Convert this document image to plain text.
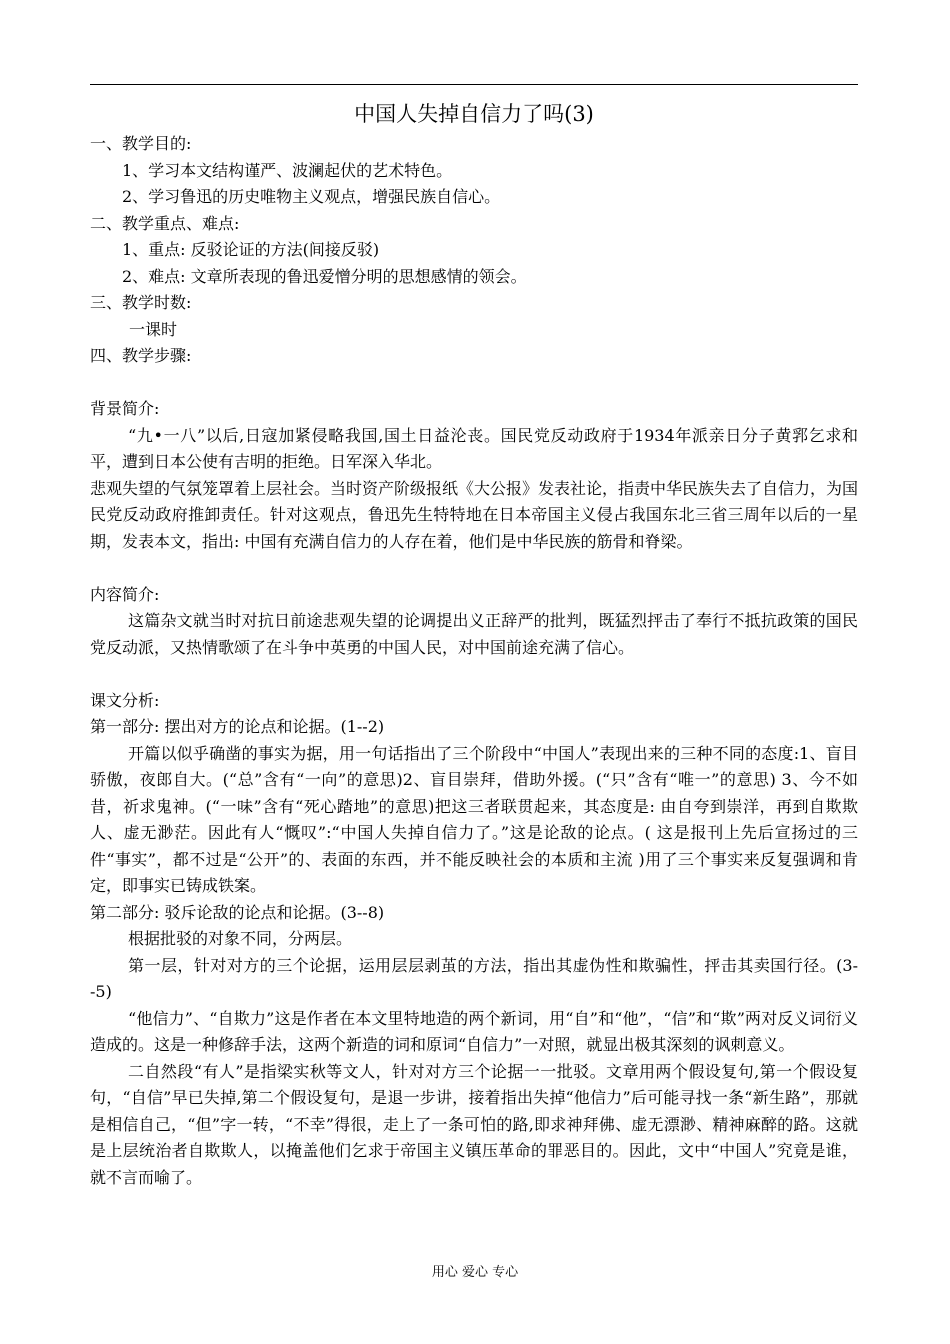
中国人失掉自信力了吗(3)

一、教学目的:

1、学习本文结构谨严、波澜起伏的艺术特色。

2、学习鲁迅的历史唯物主义观点，增强民族自信心。

二、教学重点、难点:

1、重点: 反驳论证的方法(间接反驳)

2、难点: 文章所表现的鲁迅爱憎分明的思想感情的领会。

三、教学时数:

一课时

四、教学步骤:

背景简介:

“九•一八”以后,日寇加紧侵略我国,国土日益沦丧。国民党反动政府于1934年派亲日分子黄郛乞求和平，遭到日本公使有吉明的拒绝。日军深入华北。

悲观失望的气氛笼罩着上层社会。当时资产阶级报纸《大公报》发表社论，指责中华民族失去了自信力，为国民党反动政府推卸责任。针对这观点，鲁迅先生特特地在日本帝国主义侵占我国东北三省三周年以后的一星期，发表本文，指出: 中国有充满自信力的人存在着，他们是中华民族的筋骨和脊梁。

内容简介:

这篇杂文就当时对抗日前途悲观失望的论调提出义正辞严的批判，既猛烈抨击了奉行不抵抗政策的国民党反动派，又热情歌颂了在斗争中英勇的中国人民，对中国前途充满了信心。

课文分析:

第一部分: 摆出对方的论点和论据。(1--2)

开篇以似乎确凿的事实为据，用一句话指出了三个阶段中“中国人”表现出来的三种不同的态度:1、盲目骄傲，夜郎自大。(“总”含有“一向”的意思)2、盲目崇拜，借助外援。(“只”含有“唯一”的意思) 3、今不如昔，祈求鬼神。(“一味”含有“死心踏地”的意思)把这三者联贯起来，其态度是: 由自夸到崇洋，再到自欺欺人、虚无渺茫。因此有人“慨叹”:“中国人失掉自信力了。”这是论敌的论点。( 这是报刊上先后宣扬过的三件“事实”，都不过是“公开”的、表面的东西，并不能反映社会的本质和主流 )用了三个事实来反复强调和肯定，即事实已铸成铁案。

第二部分: 驳斥论敌的论点和论据。(3--8)

根据批驳的对象不同，分两层。

第一层，针对对方的三个论据，运用层层剥茧的方法，指出其虚伪性和欺骗性，抨击其卖国行径。(3--5)

“他信力”、“自欺力”这是作者在本文里特地造的两个新词，用“自”和“他”，“信”和“欺”两对反义词衍义造成的。这是一种修辞手法，这两个新造的词和原词“自信力”一对照，就显出极其深刻的讽刺意义。

二自然段“有人”是指梁实秋等文人，针对对方三个论据一一批驳。文章用两个假设复句,第一个假设复句，“自信”早已失掉,第二个假设复句，是退一步讲，接着指出失掉“他信力”后可能寻找一条“新生路”，那就是相信自己，“但”字一转，“不幸”得很，走上了一条可怕的路,即求神拜佛、虚无漂渺、精神麻醉的路。这就是上层统治者自欺欺人，以掩盖他们乞求于帝国主义镇压革命的罪恶目的。因此，文中“中国人”究竟是谁，就不言而喻了。

用心 爱心 专心
